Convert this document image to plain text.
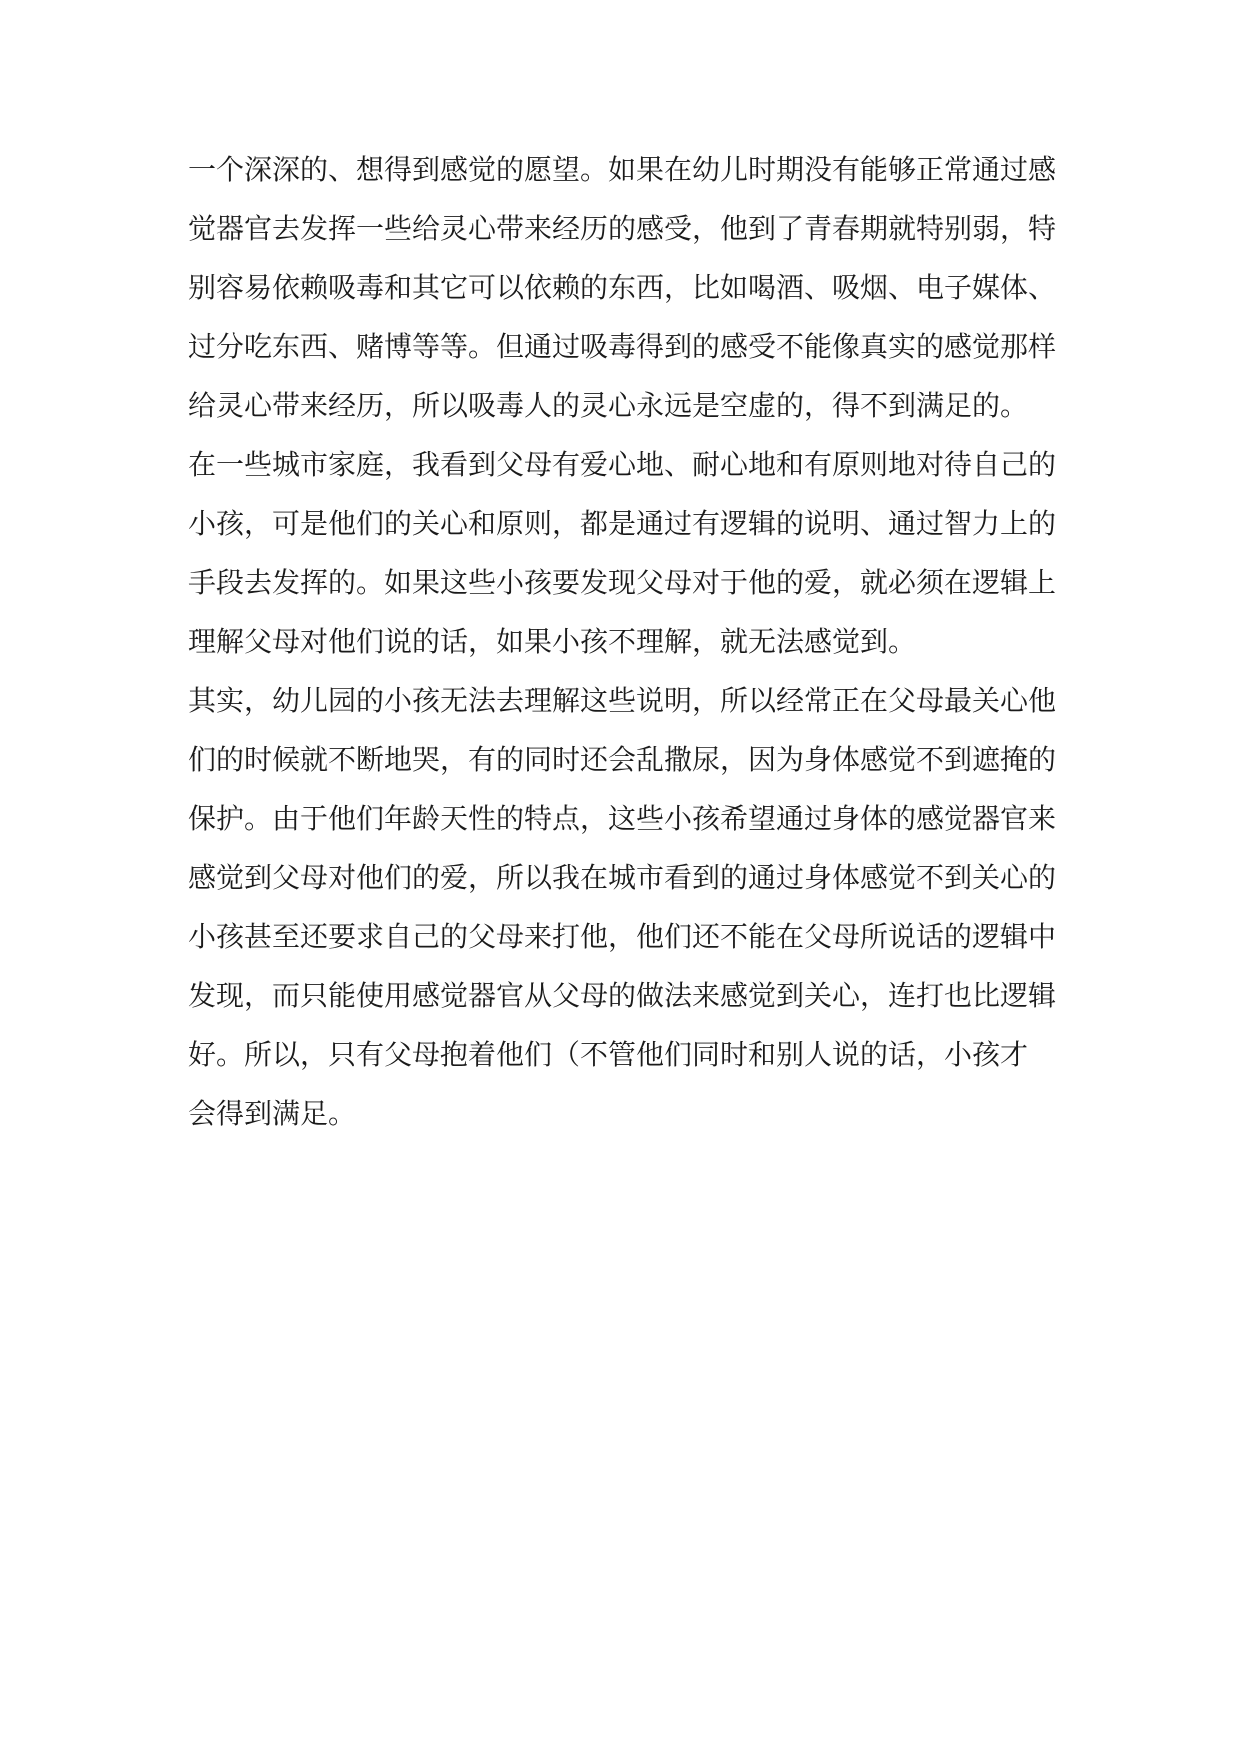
一个深深的、想得到感觉的愿望。如果在幼儿时期没有能够正常通过感
觉器官去发挥一些给灵心带来经历的感受，他到了青春期就特别弱，特
别容易依赖吸毒和其它可以依赖的东西，比如喝酒、吸烟、电子媒体、
过分吃东西、赌博等等。但通过吸毒得到的感受不能像真实的感觉那样
给灵心带来经历，所以吸毒人的灵心永远是空虚的，得不到满足的。
在一些城市家庭，我看到父母有爱心地、耐心地和有原则地对待自己的
小孩，可是他们的关心和原则，都是通过有逻辑的说明、通过智力上的
手段去发挥的。如果这些小孩要发现父母对于他的爱，就必须在逻辑上
理解父母对他们说的话，如果小孩不理解，就无法感觉到。
其实，幼儿园的小孩无法去理解这些说明，所以经常正在父母最关心他
们的时候就不断地哭，有的同时还会乱撒尿，因为身体感觉不到遮掩的
保护。由于他们年龄天性的特点，这些小孩希望通过身体的感觉器官来
感觉到父母对他们的爱，所以我在城市看到的通过身体感觉不到关心的
小孩甚至还要求自己的父母来打他，他们还不能在父母所说话的逻辑中
发现，而只能使用感觉器官从父母的做法来感觉到关心，连打也比逻辑
好。所以，只有父母抱着他们（不管他们同时和别人说的话，小孩才
会得到满足。
